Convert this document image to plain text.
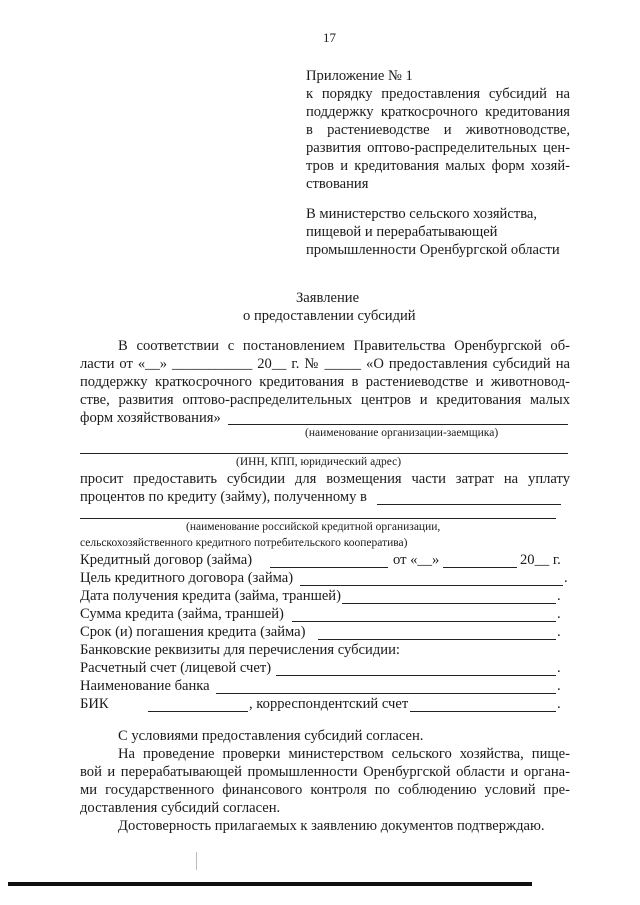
17
Приложение № 1
к порядку предоставления субсидий на
поддержку краткосрочного кредитования
в растениеводстве и животноводстве,
развития оптово-распределительных цен-
тров и кредитования малых форм хозяй-
ствования
В министерство сельского хозяйства,
пищевой и перерабатывающей
промышленности Оренбургской области
Заявление
о предоставлении субсидий
В соответствии с постановлением Правительства Оренбургской об-
ласти от «__» ___________ 20__ г. № _____ «О предоставления субсидий на
поддержку краткосрочного кредитования в растениеводстве и животновод-
стве, развития оптово-распределительных центров и кредитования малых
форм хозяйствования»
(наименование организации-заемщика)
(ИНН, КПП, юридический адрес)
просит предоставить субсидии для возмещения части затрат на уплату
процентов по кредиту (займу), полученному в
(наименование российской кредитной организации,
сельскохозяйственного кредитного потребительского кооператива)
Кредитный договор (займа)	от «__»	20__ г.
Цель кредитного договора (займа)	.
Дата получения кредита (займа, траншей)	.
Сумма кредита (займа, траншей)	.
Срок (и) погашения кредита (займа)	.
Банковские реквизиты для перечисления субсидии:
Расчетный счет (лицевой счет)	.
Наименование банка	.
БИК	, корреспондентский счет	.
С условиями предоставления субсидий согласен.
На проведение проверки министерством сельского хозяйства, пище-
вой и перерабатывающей промышленности Оренбургской области и органа-
ми государственного финансового контроля по соблюдению условий пре-
доставления субсидий согласен.
Достоверность прилагаемых к заявлению документов подтверждаю.
